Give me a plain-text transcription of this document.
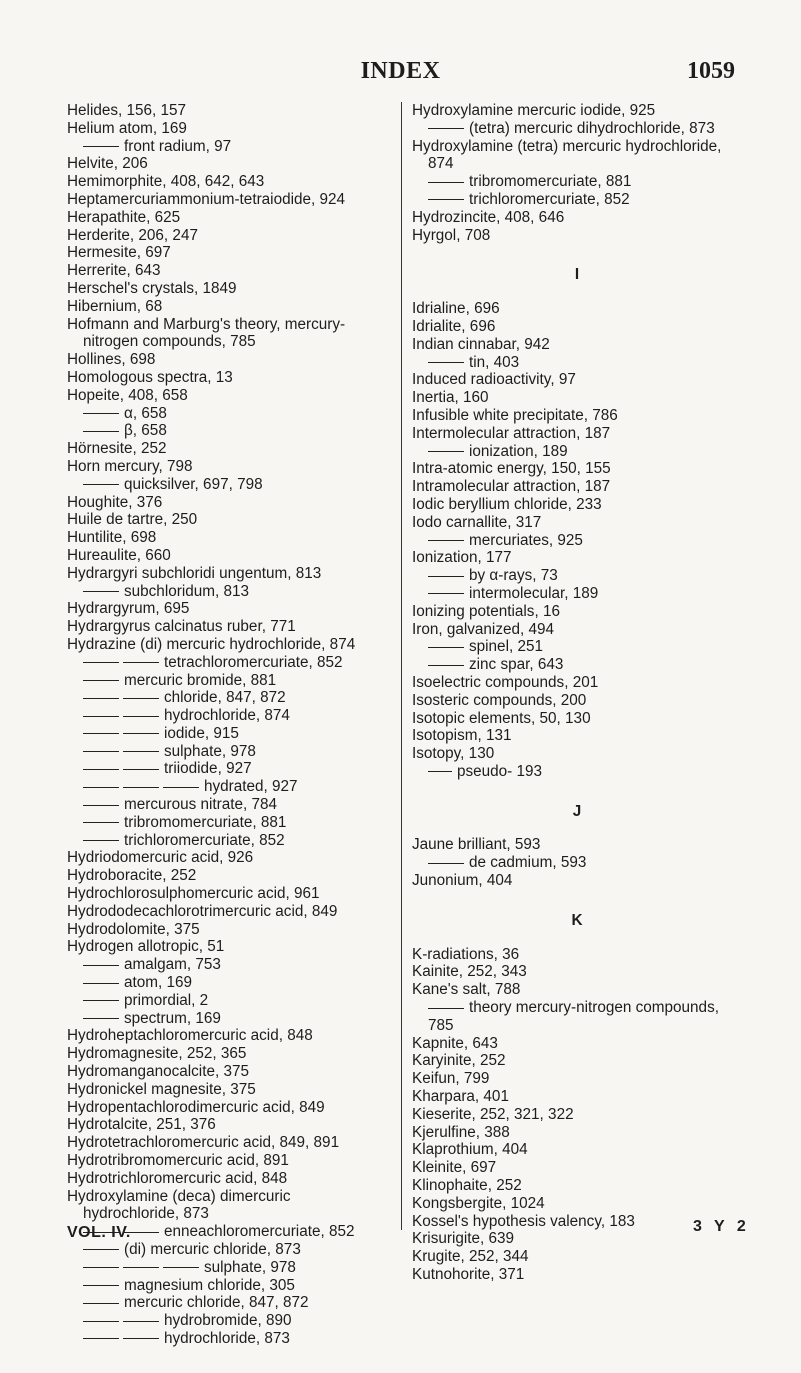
INDEX	1059
Helides, 156, 157
Helium atom, 169
front radium, 97
Helvite, 206
Hemimorphite, 408, 642, 643
Heptamercuriammonium-tetraiodide, 924
Herapathite, 625
Herderite, 206, 247
Hermesite, 697
Herrerite, 643
Herschel's crystals, 1849
Hibernium, 68
Hofmann and Marburg's theory, mercury-nitrogen compounds, 785
Hollines, 698
Homologous spectra, 13
Hopeite, 408, 658
α, 658
β, 658
Hörnesite, 252
Horn mercury, 798
quicksilver, 697, 798
Houghite, 376
Huile de tartre, 250
Huntilite, 698
Hureaulite, 660
Hydrargyri subchloridi ungentum, 813
subchloridum, 813
Hydrargyrum, 695
Hydrargyrus calcinatus ruber, 771
Hydrazine (di) mercuric hydrochloride, 874
tetrachloromercuriate, 852
mercuric bromide, 881
chloride, 847, 872
hydrochloride, 874
iodide, 915
sulphate, 978
triiodide, 927
hydrated, 927
mercurous nitrate, 784
tribromomercuriate, 881
trichloromercuriate, 852
Hydriodomercuric acid, 926
Hydroboracite, 252
Hydrochlorosulphomercuric acid, 961
Hydrododecachlorotrimercuric acid, 849
Hydrodolomite, 375
Hydrogen allotropic, 51
amalgam, 753
atom, 169
primordial, 2
spectrum, 169
Hydroheptachloromercuric acid, 848
Hydromagnesite, 252, 365
Hydromanganocalcite, 375
Hydronickel magnesite, 375
Hydropentachlorodimercuric acid, 849
Hydrotalcite, 251, 376
Hydrotetrachloromercuric acid, 849, 891
Hydrotribromomercuric acid, 891
Hydrotrichloromercuric acid, 848
Hydroxylamine (deca) dimercuric hydrochloride, 873
enneachloromercuriate, 852
(di) mercuric chloride, 873
sulphate, 978
magnesium chloride, 305
mercuric chloride, 847, 872
hydrobromide, 890
hydrochloride, 873
Hydroxylamine mercuric iodide, 925
(tetra) mercuric dihydrochloride, 873
Hydroxylamine (tetra) mercuric hydrochloride, 874
tribromomercuriate, 881
trichloromercuriate, 852
Hydrozincite, 408, 646
Hyrgol, 708
I
Idrialine, 696
Idrialite, 696
Indian cinnabar, 942
tin, 403
Induced radioactivity, 97
Inertia, 160
Infusible white precipitate, 786
Intermolecular attraction, 187
ionization, 189
Intra-atomic energy, 150, 155
Intramolecular attraction, 187
Iodic beryllium chloride, 233
Iodo carnallite, 317
mercuriates, 925
Ionization, 177
by α-rays, 73
intermolecular, 189
Ionizing potentials, 16
Iron, galvanized, 494
spinel, 251
zinc spar, 643
Isoelectric compounds, 201
Isosteric compounds, 200
Isotopic elements, 50, 130
Isotopism, 131
Isotopy, 130
pseudo- 193
J
Jaune brilliant, 593
de cadmium, 593
Junonium, 404
K
K-radiations, 36
Kainite, 252, 343
Kane's salt, 788
theory mercury-nitrogen compounds, 785
Kapnite, 643
Karyinite, 252
Keifun, 799
Kharpara, 401
Kieserite, 252, 321, 322
Kjerulfine, 388
Klaprothium, 404
Kleinite, 697
Klinophaite, 252
Kongsbergite, 1024
Kossel's hypothesis valency, 183
Krisurigite, 639
Krugite, 252, 344
Kutnohorite, 371
VOL. IV.	3 Y 2
